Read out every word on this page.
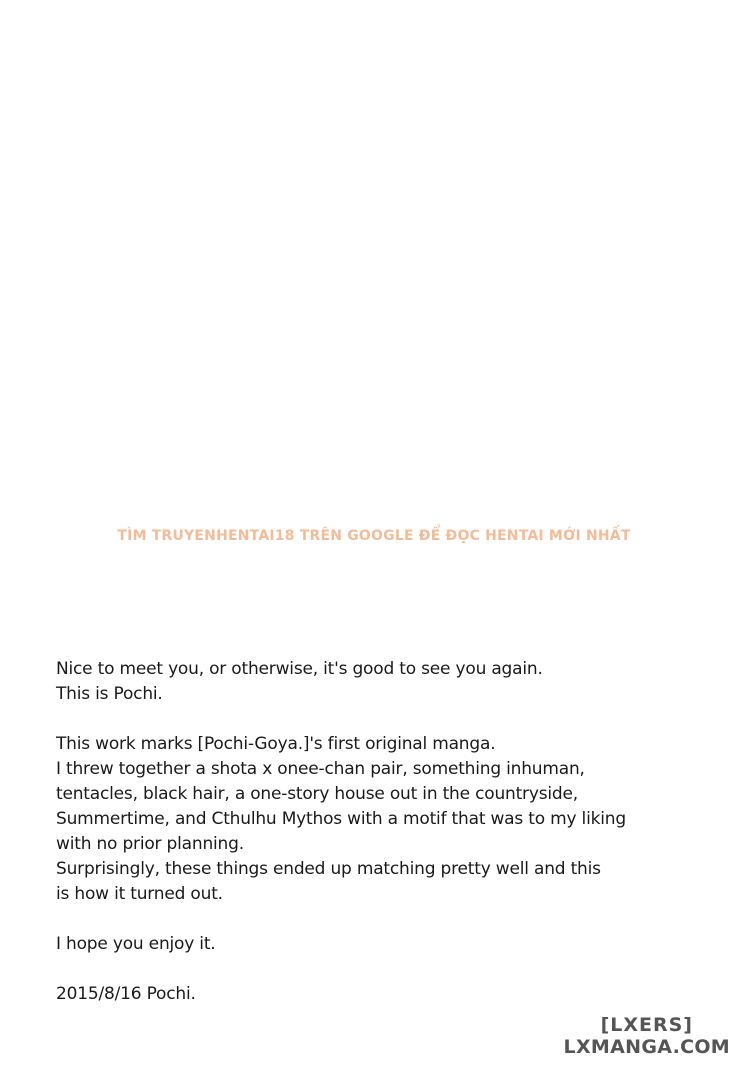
TÌM TRUYENHENTAI18 TRÊN GOOGLE ĐỂ ĐỌC HENTAI MỚI NHẤT
Nice to meet you, or otherwise, it's good to see you again.
This is Pochi.
This work marks [Pochi-Goya.]'s first original manga.
I threw together a shota x onee-chan pair, something inhuman,
tentacles, black hair, a one-story house out in the countryside,
Summertime, and Cthulhu Mythos with a motif that was to my liking
with no prior planning.
Surprisingly, these things ended up matching pretty well and this
is how it turned out.
I hope you enjoy it.
2015/8/16 Pochi.
[LXERS]
LXMANGA.COM
